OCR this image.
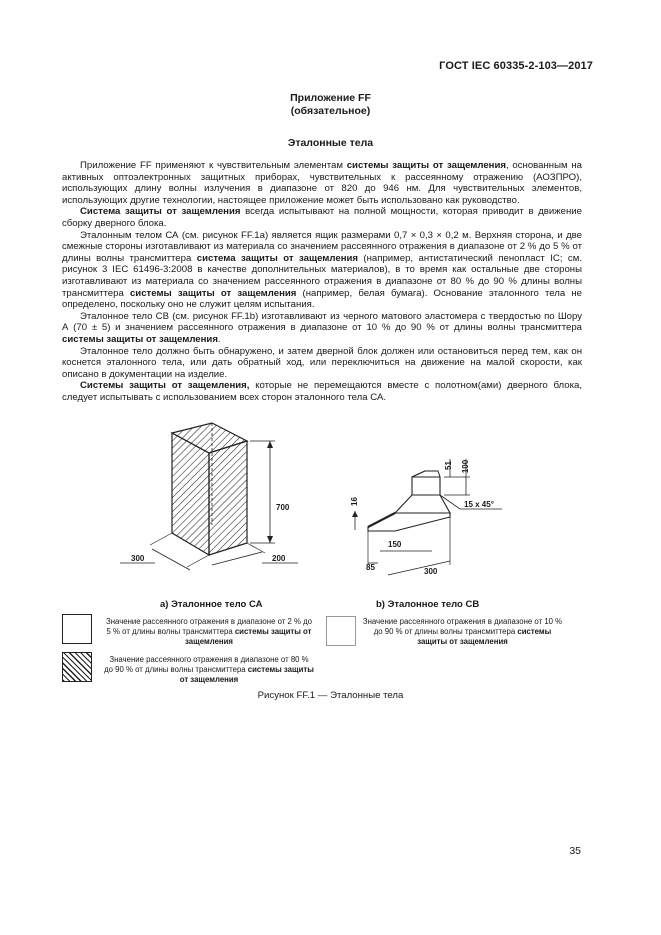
ГОСТ IEC 60335-2-103—2017
Приложение FF
(обязательное)
Эталонные тела

Приложение FF применяют к чувствительным элементам системы защиты от защемления, основанным на активных оптоэлектронных защитных приборах, чувствительных к рассеянному отражению (АОЗПРО), использующих длину волны излучения в диапазоне от 820 до 946 нм. Для чувствительных элементов, использующих другие технологии, настоящее приложение может быть использовано как руководство.

Система защиты от защемления всегда испытывают на полной мощности, которая приводит в движение сборку дверного блока.

Эталонным телом СА (см. рисунок FF.1а) является ящик размерами 0,7 × 0,3 × 0,2 м. Верхняя сторона, и две смежные стороны изготавливают из материала со значением рассеянного отражения в диапазоне от 2 % до 5 % от длины волны трансмиттера система защиты от защемления (например, антистатический пенопласт IC; см. рисунок 3 IEC 61496-3:2008 в качестве дополнительных материалов), в то время как остальные две стороны изготавливают из материала со значением рассеянного отражения в диапазоне от 80 % до 90 % длины волны трансмиттера системы защиты от защемления (например, белая бумага). Основание эталонного тела не определено, поскольку оно не служит целям испытания.

Эталонное тело СВ (см. рисунок FF.1b) изготавливают из черного матового эластомера с твердостью по Шору А (70 ± 5) и значением рассеянного отражения в диапазоне от 10 % до 90 % от длины волны трансмиттера системы защиты от защемления.

Эталонное тело должно быть обнаружено, и затем дверной блок должен или остановиться перед тем, как он коснется эталонного тела, или дать обратный ход, или переключиться на движение на малой скорости, как описано в документации на изделие.

Системы защиты от защемления, которые не перемещаются вместе с полотном(ами) дверного блока, следует испытывать с использованием всех сторон эталонного тела СА.

700
300	200
16
51 100
15 x 45°
150
85	300
а) Эталонное тело СА	b) Эталонное тело СВ
Значение рассеянного отражения в диапазоне от 2 % до 5 % от длины волны трансмиттера системы защиты от защемления
Значение рассеянного отражения в диапазоне от 80 % до 90 % от длины волны трансмиттера системы защиты от защемления
Значение рассеянного отражения в диапазоне от 10 % до 90 % от длины волны трансмиттера системы защиты от защемления
Рисунок FF.1 — Эталонные тела
35
